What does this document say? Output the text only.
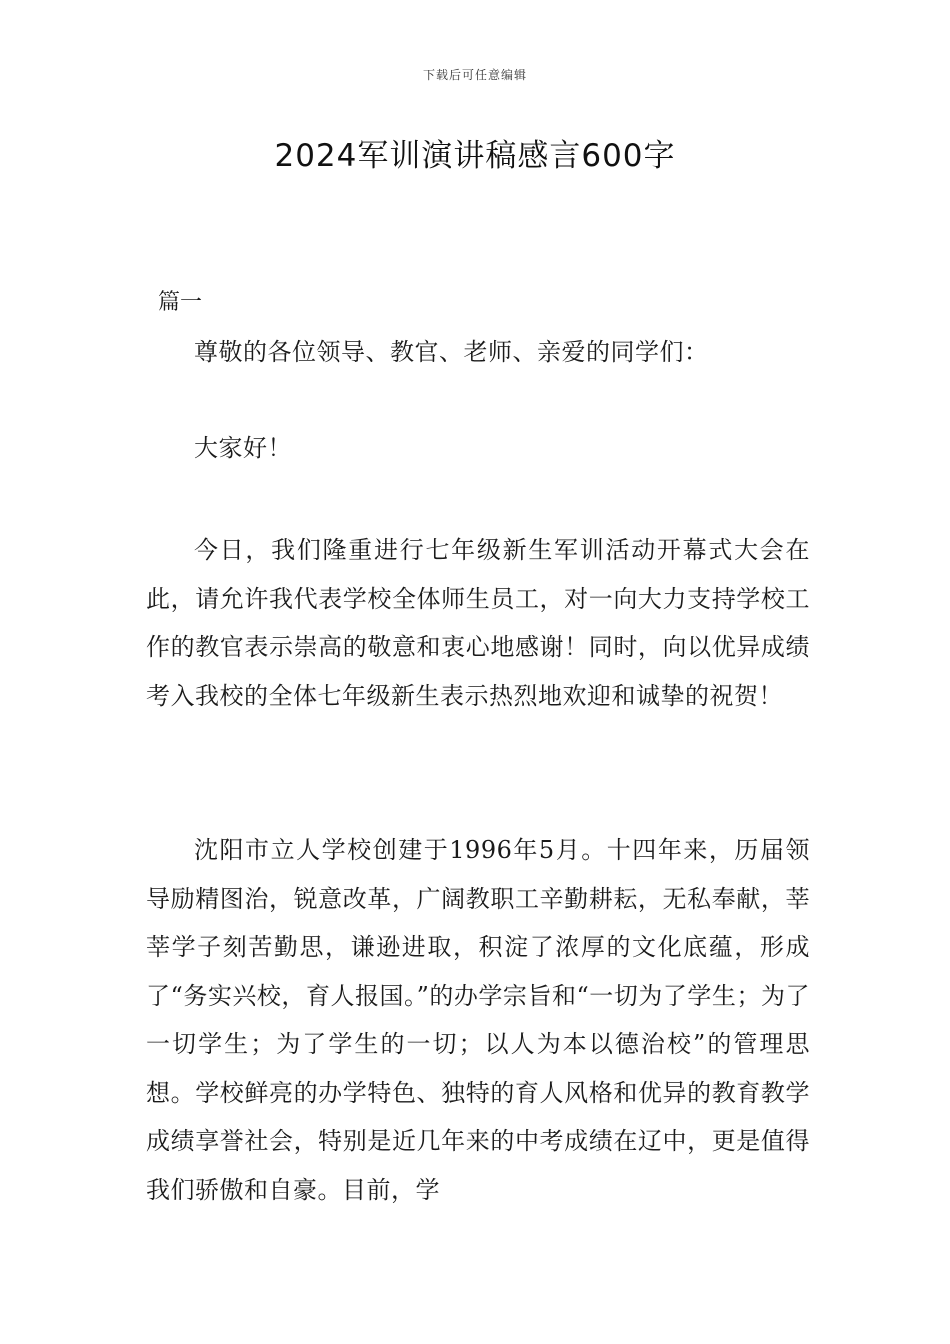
下载后可任意编辑
2024军训演讲稿感言600字
篇一

尊敬的各位领导、教官、老师、亲爱的同学们：

大家好！

今日，我们隆重进行七年级新生军训活动开幕式大会在此，请允许我代表学校全体师生员工，对一向大力支持学校工作的教官表示崇高的敬意和衷心地感谢！同时，向以优异成绩考入我校的全体七年级新生表示热烈地欢迎和诚挚的祝贺！

沈阳市立人学校创建于1996年5月。十四年来，历届领导励精图治，锐意改革，广阔教职工辛勤耕耘，无私奉献，莘莘学子刻苦勤思，谦逊进取，积淀了浓厚的文化底蕴，形成了“务实兴校，育人报国。”的办学宗旨和“一切为了学生；为了一切学生；为了学生的一切；以人为本以德治校”的管理思想。学校鲜亮的办学特色、独特的育人风格和优异的教育教学成绩享誉社会，特别是近几年来的中考成绩在辽中，更是值得我们骄傲和自豪。目前，学
